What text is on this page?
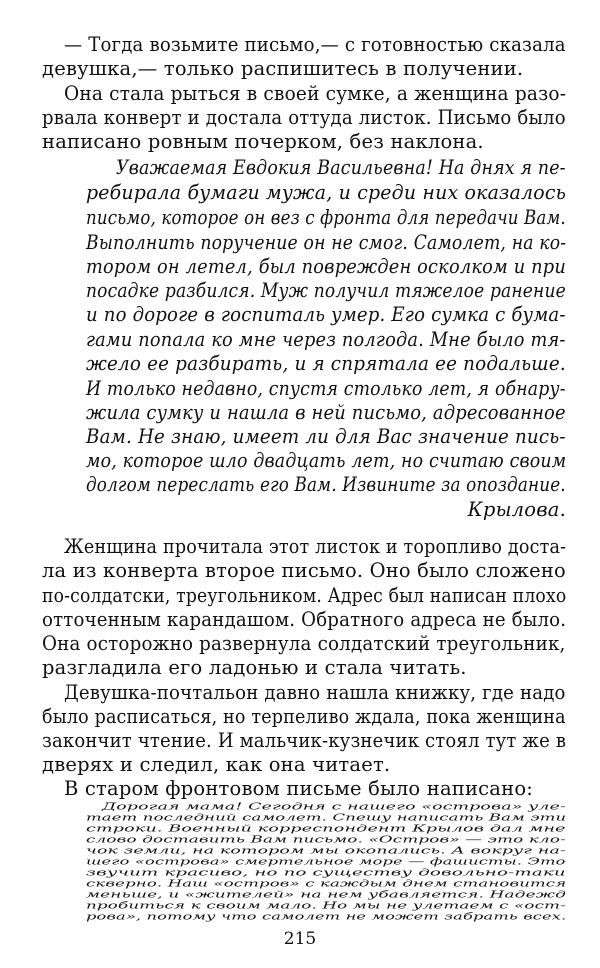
— Тогда возьмите письмо,— с готовностью сказала
девушка,— только распишитесь в получении.
Она стала рыться в своей сумке, а женщина разо-
рвала конверт и достала оттуда листок. Письмо было
написано ровным почерком, без наклона.
Уважаемая Евдокия Васильевна! На днях я пе-
ребирала бумаги мужа, и среди них оказалось
письмо, которое он вез с фронта для передачи Вам.
Выполнить поручение он не смог. Самолет, на ко-
тором он летел, был поврежден осколком и при
посадке разбился. Муж получил тяжелое ранение
и по дороге в госпиталь умер. Его сумка с бума-
гами попала ко мне через полгода. Мне было тя-
жело ее разбирать, и я спрятала ее подальше.
И только недавно, спустя столько лет, я обнару-
жила сумку и нашла в ней письмо, адресованное
Вам. Не знаю, имеет ли для Вас значение пись-
мо, которое шло двадцать лет, но считаю своим
долгом переслать его Вам. Извините за опоздание.
Крылова.
Женщина прочитала этот листок и торопливо доста-
ла из конверта второе письмо. Оно было сложено
по-солдатски, треугольником. Адрес был написан плохо
отточенным карандашом. Обратного адреса не было.
Она осторожно развернула солдатский треугольник,
разгладила его ладонью и стала читать.
Девушка-почтальон давно нашла книжку, где надо
было расписаться, но терпеливо ждала, пока женщина
закончит чтение. И мальчик-кузнечик стоял тут же в
дверях и следил, как она читает.
В старом фронтовом письме было написано:
Дорогая мама! Сегодня с нашего «острова» уле-
тает последний самолет. Спешу написать Вам эти
строки. Военный корреспондент Крылов дал мне
слово доставить Вам письмо. «Остров» — это кло-
чок земли, на котором мы окопались. А вокруг на-
шего «острова» смертельное море — фашисты. Это
звучит красиво, но по существу довольно-таки
скверно. Наш «остров» с каждым днем становится
меньше, и «жителей» на нем убавляется. Надежд
пробиться к своим мало. Но мы не улетаем с «ост-
рова», потому что самолет не может забрать всех.
215
